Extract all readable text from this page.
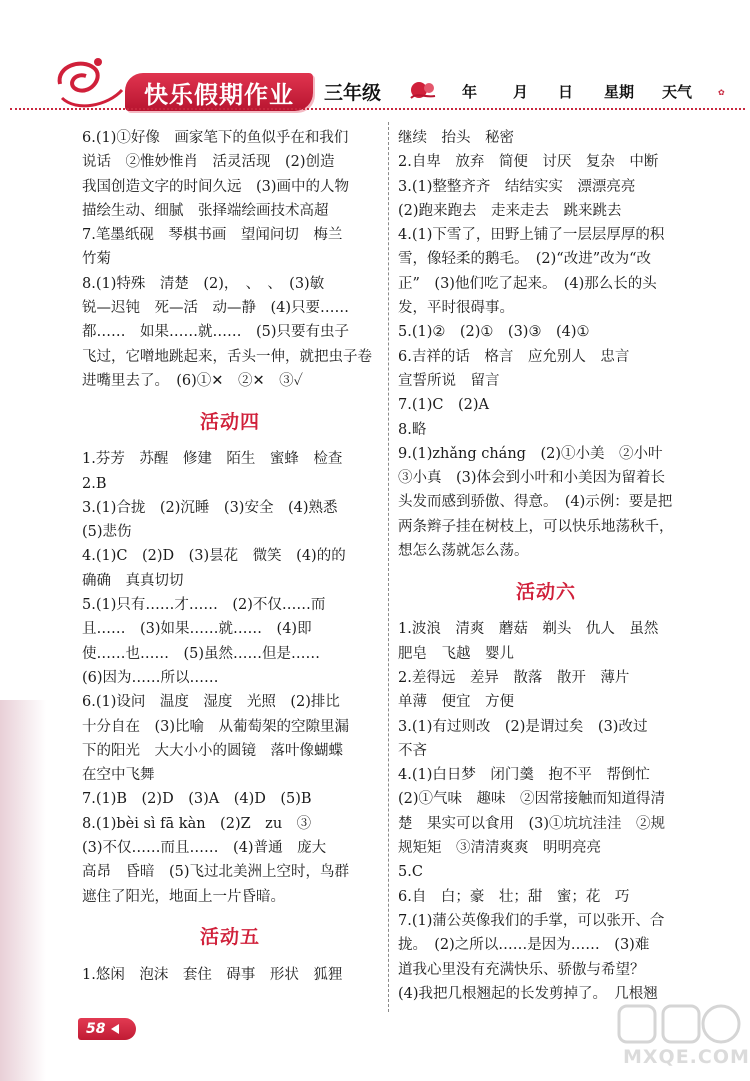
快乐假期作业 三年级	年 月 日 星期 天气	✿
6.(1)①好像　画家笔下的鱼似乎在和我们
说话　②惟妙惟肖　活灵活现　(2)创造
我国创造文字的时间久远　(3)画中的人物
描绘生动、细腻　张择端绘画技术高超
7.笔墨纸砚　琴棋书画　望闻问切　梅兰
竹菊
8.(1)特殊　清楚　(2)，　、　、　(3)敏
锐—迟钝　死—活　动—静　(4)只要……
都……　如果……就……　(5)只要有虫子
飞过，它噌地跳起来，舌头一伸，就把虫子卷
进嘴里去了。　(6)①✕　②✕　③✓
活动四
1.芬芳　苏醒　修建　陌生　蜜蜂　检查
2.B
3.(1)合拢　(2)沉睡　(3)安全　(4)熟悉
(5)悲伤
4.(1)C　(2)D　(3)昙花　微笑　(4)的的
确确　真真切切
5.(1)只有……才……　(2)不仅……而
且……　(3)如果……就……　(4)即
使……也……　(5)虽然……但是……
(6)因为……所以……
6.(1)设问　温度　湿度　光照　(2)排比
十分自在　(3)比喻　从葡萄架的空隙里漏
下的阳光　大大小小的圆镜　落叶像蝴蝶
在空中飞舞
7.(1)B　(2)D　(3)A　(4)D　(5)B
8.(1)bèi sì fā kàn　(2)Z　zu　③
(3)不仅……而且……　(4)普通　庞大
高昂　昏暗　(5)飞过北美洲上空时，鸟群
遮住了阳光，地面上一片昏暗。
活动五
1.悠闲　泡沫　套住　碍事　形状　狐狸
继续　抬头　秘密
2.自卑　放弃　简便　讨厌　复杂　中断
3.(1)整整齐齐　结结实实　漂漂亮亮
(2)跑来跑去　走来走去　跳来跳去
4.(1)下雪了，田野上铺了一层层厚厚的积
雪，像轻柔的鹅毛。　(2)“改进”改为“改
正”　(3)他们吃了起来。　(4)那么长的头
发，平时很碍事。
5.(1)②　(2)①　(3)③　(4)①
6.吉祥的话　格言　应允别人　忠言
宣誓所说　留言
7.(1)C　(2)A
8.略
9.(1)zhǎng cháng　(2)①小美　②小叶
③小真　(3)体会到小叶和小美因为留着长
头发而感到骄傲、得意。　(4)示例：要是把
两条辫子挂在树枝上，可以快乐地荡秋千，
想怎么荡就怎么荡。
活动六
1.波浪　清爽　蘑菇　剃头　仇人　虽然
肥皂　飞越　婴儿
2.差得远　差异　散落　散开　薄片
单薄　便宜　方便
3.(1)有过则改　(2)是谓过矣　(3)改过
不吝
4.(1)白日梦　闭门羹　抱不平　帮倒忙
(2)①气味　趣味　②因常接触而知道得清
楚　果实可以食用　(3)①坑坑洼洼　②规
规矩矩　③清清爽爽　明明亮亮
5.C
6.自　白；豪　壮；甜　蜜；花　巧
7.(1)蒲公英像我们的手掌，可以张开、合
拢。　(2)之所以……是因为……　(3)难
道我心里没有充满快乐、骄傲与希望？
(4)我把几根翘起的长发剪掉了。　几根翘
58
MXQE.COM
